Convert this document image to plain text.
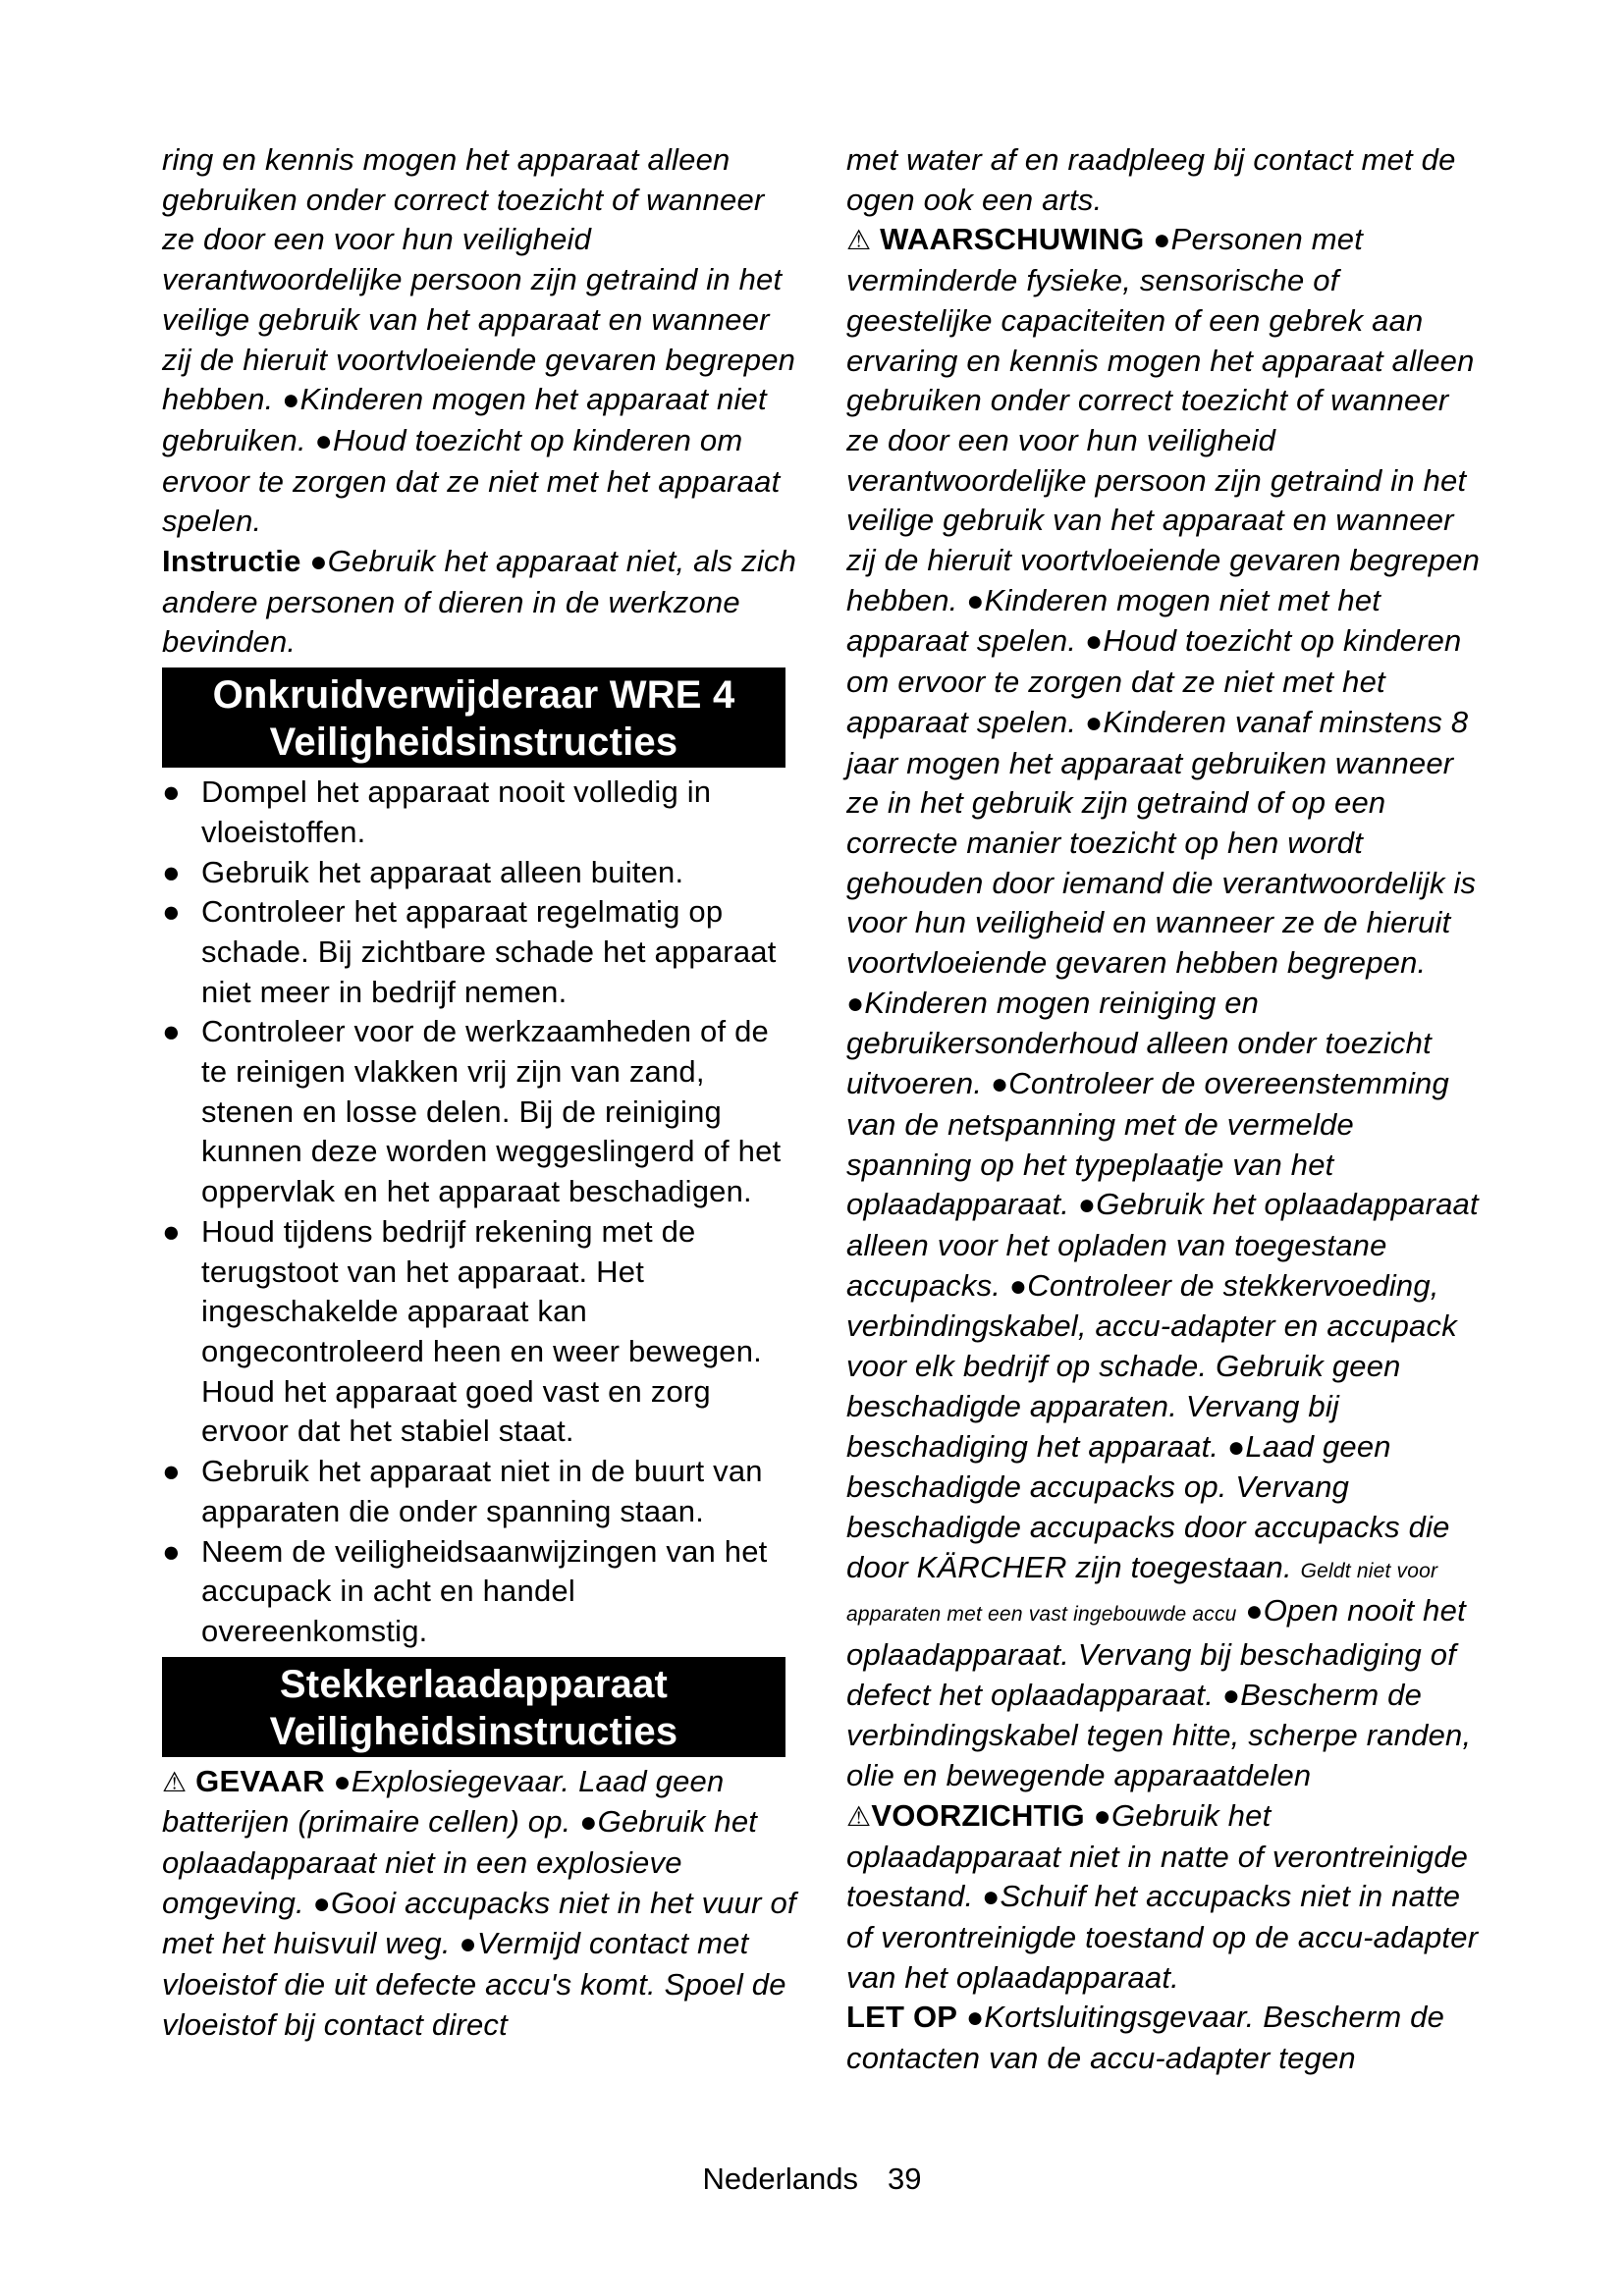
ring en kennis mogen het apparaat alleen gebruiken onder correct toezicht of wanneer ze door een voor hun veiligheid verantwoordelijke persoon zijn getraind in het veilige gebruik van het apparaat en wanneer zij de hieruit voortvloeiende gevaren begrepen hebben. ●Kinderen mogen het apparaat niet gebruiken. ●Houd toezicht op kinderen om ervoor te zorgen dat ze niet met het apparaat spelen.

Instructie ●Gebruik het apparaat niet, als zich andere personen of dieren in de werkzone bevinden.

Onkruidverwijderaar WRE 4
Veiligheidsinstructies
● Dompel het apparaat nooit volledig in vloeistoffen.
● Gebruik het apparaat alleen buiten.
● Controleer het apparaat regelmatig op schade. Bij zichtbare schade het apparaat niet meer in bedrijf nemen.
● Controleer voor de werkzaamheden of de te reinigen vlakken vrij zijn van zand, stenen en losse delen. Bij de reiniging kunnen deze worden weggeslingerd of het oppervlak en het apparaat beschadigen.
● Houd tijdens bedrijf rekening met de terugstoot van het apparaat. Het ingeschakelde apparaat kan ongecontroleerd heen en weer bewegen. Houd het apparaat goed vast en zorg ervoor dat het stabiel staat.
● Gebruik het apparaat niet in de buurt van apparaten die onder spanning staan.
● Neem de veiligheidsaanwijzingen van het accupack in acht en handel overeenkomstig.
Stekkerlaadapparaat
Veiligheidsinstructies

⚠ GEVAAR ●Explosiegevaar. Laad geen batterijen (primaire cellen) op. ●Gebruik het oplaadapparaat niet in een explosieve omgeving. ●Gooi accupacks niet in het vuur of met het huisvuil weg. ●Vermijd contact met vloeistof die uit defecte accu's komt. Spoel de vloeistof bij contact direct

met water af en raadpleeg bij contact met de ogen ook een arts.

⚠ WAARSCHUWING ●Personen met verminderde fysieke, sensorische of geestelijke capaciteiten of een gebrek aan ervaring en kennis mogen het apparaat alleen gebruiken onder correct toezicht of wanneer ze door een voor hun veiligheid verantwoordelijke persoon zijn getraind in het veilige gebruik van het apparaat en wanneer zij de hieruit voortvloeiende gevaren begrepen hebben. ●Kinderen mogen niet met het apparaat spelen. ●Houd toezicht op kinderen om ervoor te zorgen dat ze niet met het apparaat spelen. ●Kinderen vanaf minstens 8 jaar mogen het apparaat gebruiken wanneer ze in het gebruik zijn getraind of op een correcte manier toezicht op hen wordt gehouden door iemand die verantwoordelijk is voor hun veiligheid en wanneer ze de hieruit voortvloeiende gevaren hebben begrepen. ●Kinderen mogen reiniging en gebruikersonderhoud alleen onder toezicht uitvoeren. ●Controleer de overeenstemming van de netspanning met de vermelde spanning op het typeplaatje van het oplaadapparaat. ●Gebruik het oplaadapparaat alleen voor het opladen van toegestane accupacks. ●Controleer de stekkervoeding, verbindingskabel, accu-adapter en accupack voor elk bedrijf op schade. Gebruik geen beschadigde apparaten. Vervang bij beschadiging het apparaat. ●Laad geen beschadigde accupacks op. Vervang beschadigde accupacks door accupacks die door KÄRCHER zijn toegestaan. Geldt niet voor apparaten met een vast ingebouwde accu ●Open nooit het oplaadapparaat. Vervang bij beschadiging of defect het oplaadapparaat. ●Bescherm de verbindingskabel tegen hitte, scherpe randen, olie en bewegende apparaatdelen

⚠VOORZICHTIG ●Gebruik het oplaadapparaat niet in natte of verontreinigde toestand. ●Schuif het accupacks niet in natte of verontreinigde toestand op de accu-adapter van het oplaadapparaat.

LET OP ●Kortsluitingsgevaar. Bescherm de contacten van de accu-adapter tegen

Nederlands 39
